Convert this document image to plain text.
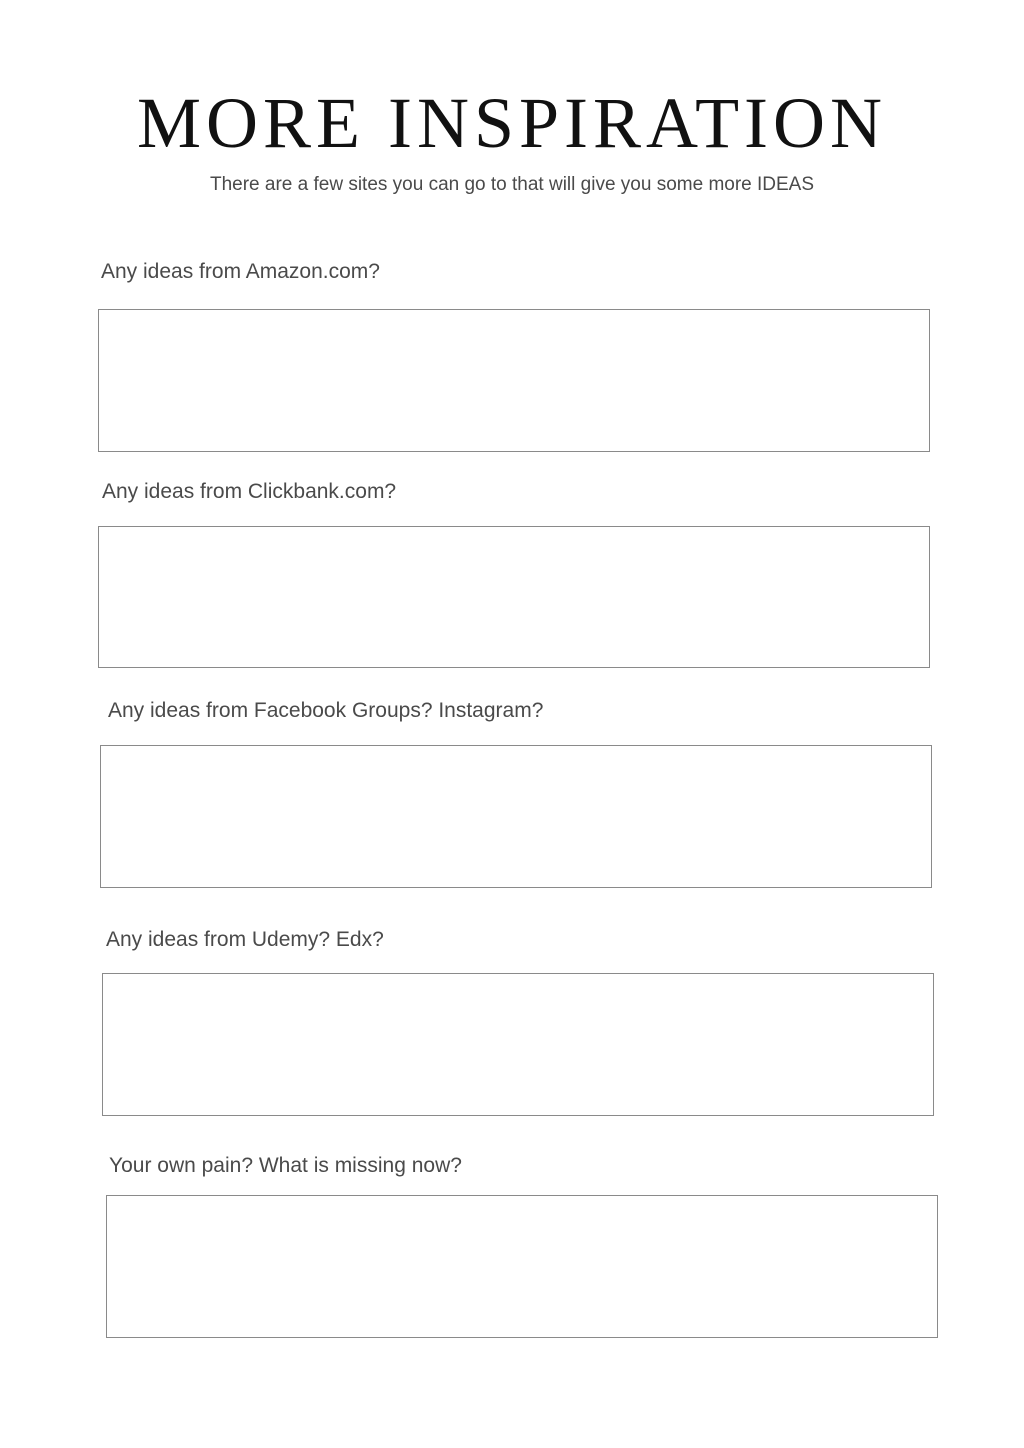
MORE INSPIRATION

There are a few sites you can go to that will give you some more IDEAS

Any ideas from Amazon.com?

Any ideas from Clickbank.com?

Any ideas from Facebook Groups? Instagram?

Any ideas from Udemy? Edx?

Your own pain? What is missing now?
